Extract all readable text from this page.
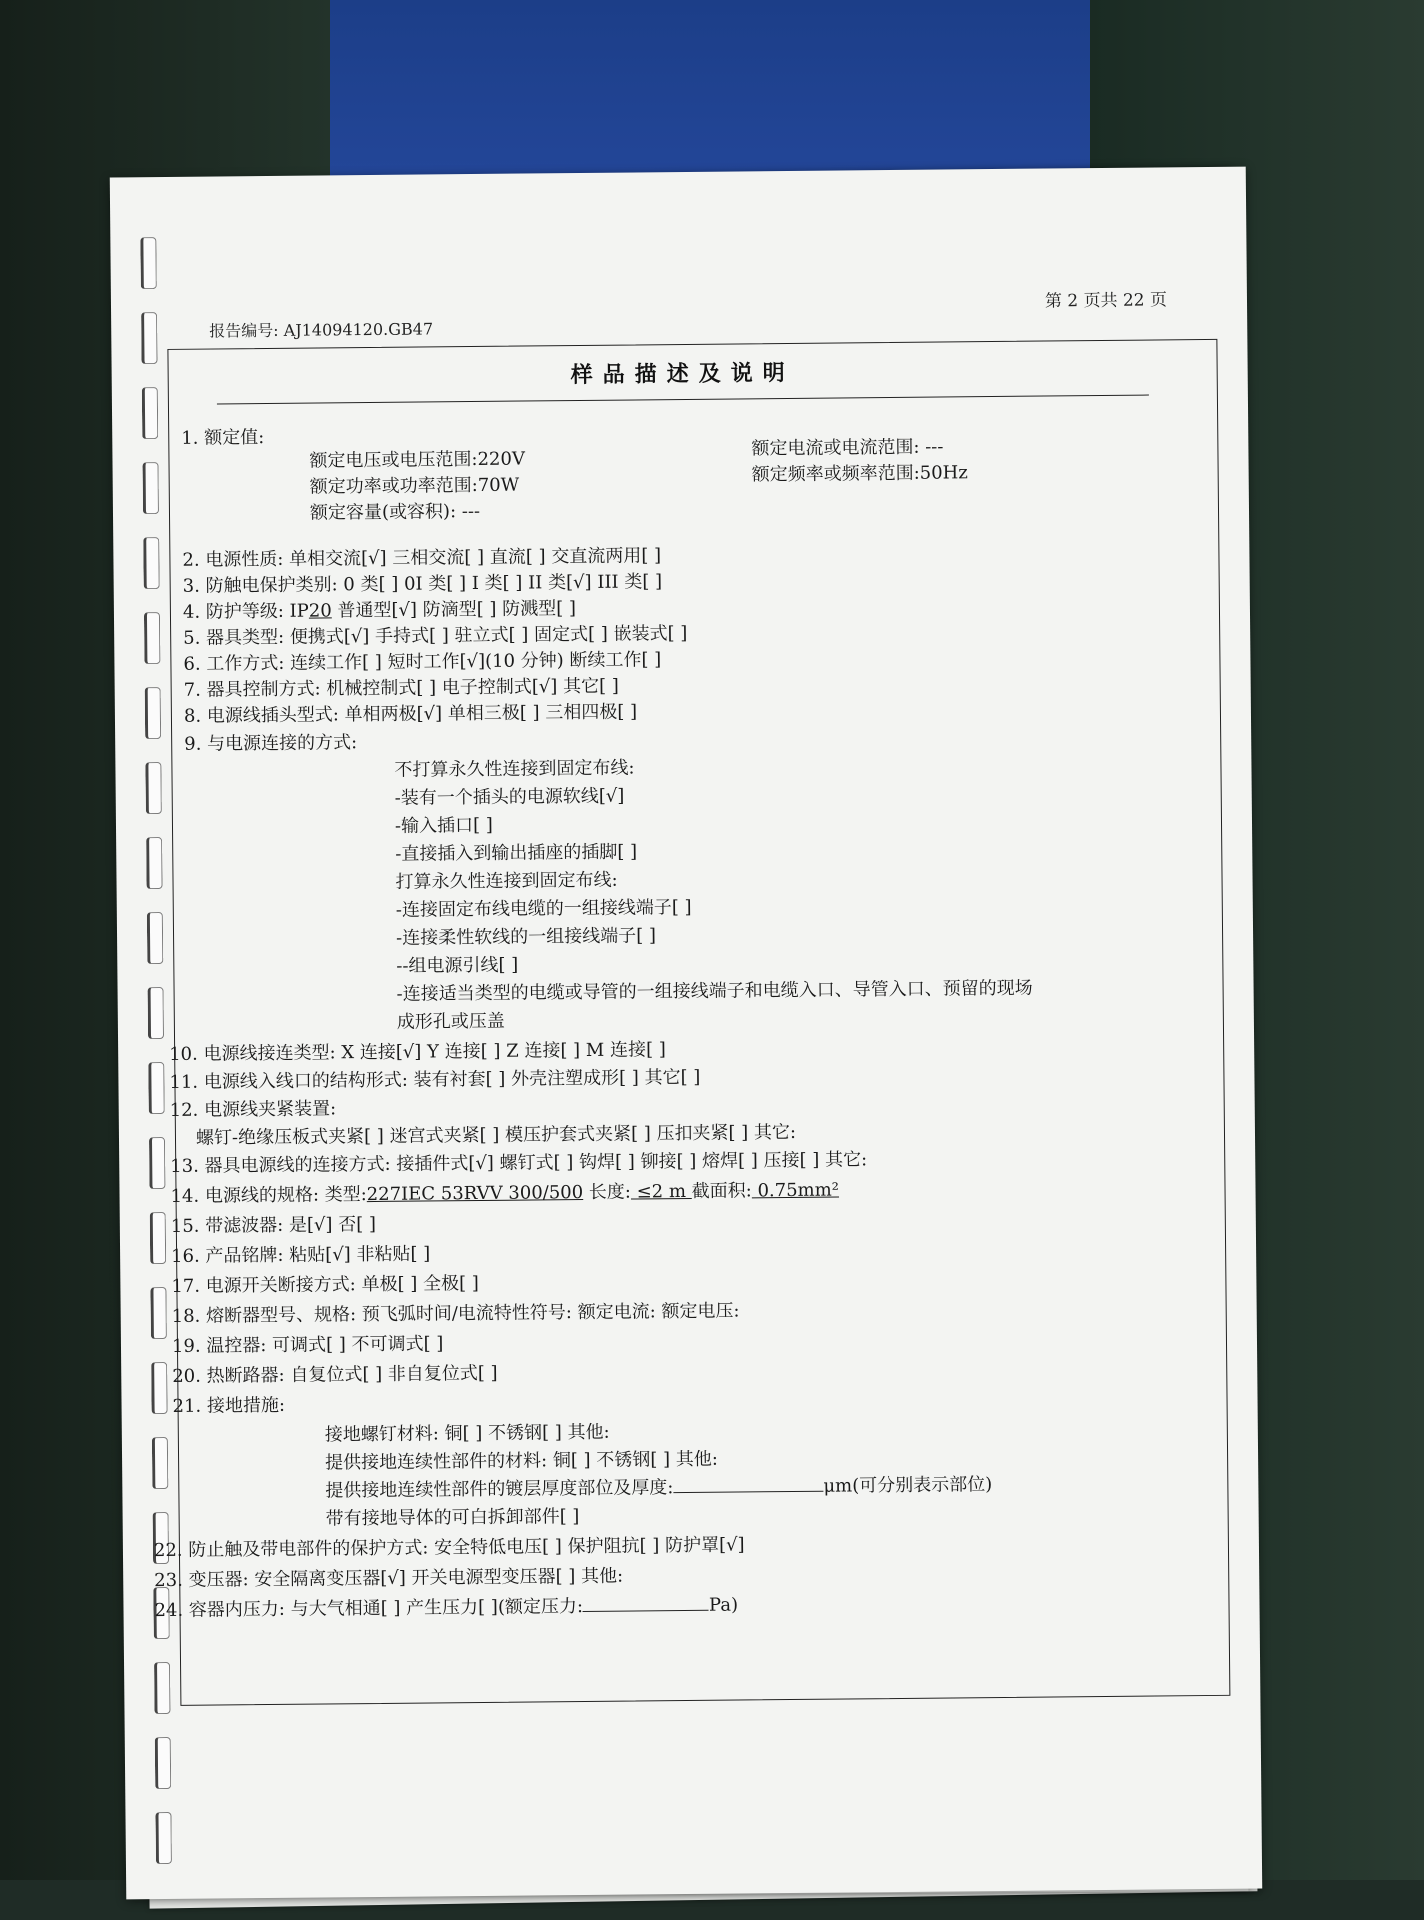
报告编号: AJ14094120.GB47
第 2 页共 22 页
样品描述及说明
1. 额定值:
额定电压或电压范围:220V
额定电流或电流范围: ---
额定功率或功率范围:70W
额定频率或频率范围:50Hz
额定容量(或容积): ---
2. 电源性质: 单相交流[√] 三相交流[ ] 直流[ ] 交直流两用[ ]
3. 防触电保护类别: 0 类[ ] 0I 类[ ] I 类[ ] II 类[√] III 类[ ]
4. 防护等级: IP20 普通型[√] 防滴型[ ] 防溅型[ ]
5. 器具类型: 便携式[√] 手持式[ ] 驻立式[ ] 固定式[ ] 嵌装式[ ]
6. 工作方式: 连续工作[ ] 短时工作[√](10 分钟) 断续工作[ ]
7. 器具控制方式: 机械控制式[ ] 电子控制式[√] 其它[ ]
8. 电源线插头型式: 单相两极[√] 单相三极[ ] 三相四极[ ]
9. 与电源连接的方式:
不打算永久性连接到固定布线:
-装有一个插头的电源软线[√]
-输入插口[ ]
-直接插入到输出插座的插脚[ ]
打算永久性连接到固定布线:
-连接固定布线电缆的一组接线端子[ ]
-连接柔性软线的一组接线端子[ ]
--组电源引线[ ]
-连接适当类型的电缆或导管的一组接线端子和电缆入口、导管入口、预留的现场
成形孔或压盖
10. 电源线接连类型: X 连接[√] Y 连接[ ] Z 连接[ ] M 连接[ ]
11. 电源线入线口的结构形式: 装有衬套[ ] 外壳注塑成形[ ] 其它[ ]
12. 电源线夹紧装置:
螺钉-绝缘压板式夹紧[ ] 迷宫式夹紧[ ] 模压护套式夹紧[ ] 压扣夹紧[ ] 其它:
13. 器具电源线的连接方式: 接插件式[√] 螺钉式[ ] 钩焊[ ] 铆接[ ] 熔焊[ ] 压接[ ] 其它:
14. 电源线的规格: 类型:227IEC 53RVV 300/500 长度: ≤2 m 截面积: 0.75mm²
15. 带滤波器: 是[√] 否[ ]
16. 产品铭牌: 粘贴[√] 非粘贴[ ]
17. 电源开关断接方式: 单极[ ] 全极[ ]
18. 熔断器型号、规格: 预飞弧时间/电流特性符号: 额定电流: 额定电压:
19. 温控器: 可调式[ ] 不可调式[ ]
20. 热断路器: 自复位式[ ] 非自复位式[ ]
21. 接地措施:
接地螺钉材料: 铜[ ] 不锈钢[ ] 其他:
提供接地连续性部件的材料: 铜[ ] 不锈钢[ ] 其他:
提供接地连续性部件的镀层厚度部位及厚度:	μm(可分别表示部位)
带有接地导体的可白拆卸部件[ ]
22. 防止触及带电部件的保护方式: 安全特低电压[ ] 保护阻抗[ ] 防护罩[√]
23. 变压器: 安全隔离变压器[√] 开关电源型变压器[ ] 其他:
24. 容器内压力: 与大气相通[ ] 产生压力[ ](额定压力:	Pa)
